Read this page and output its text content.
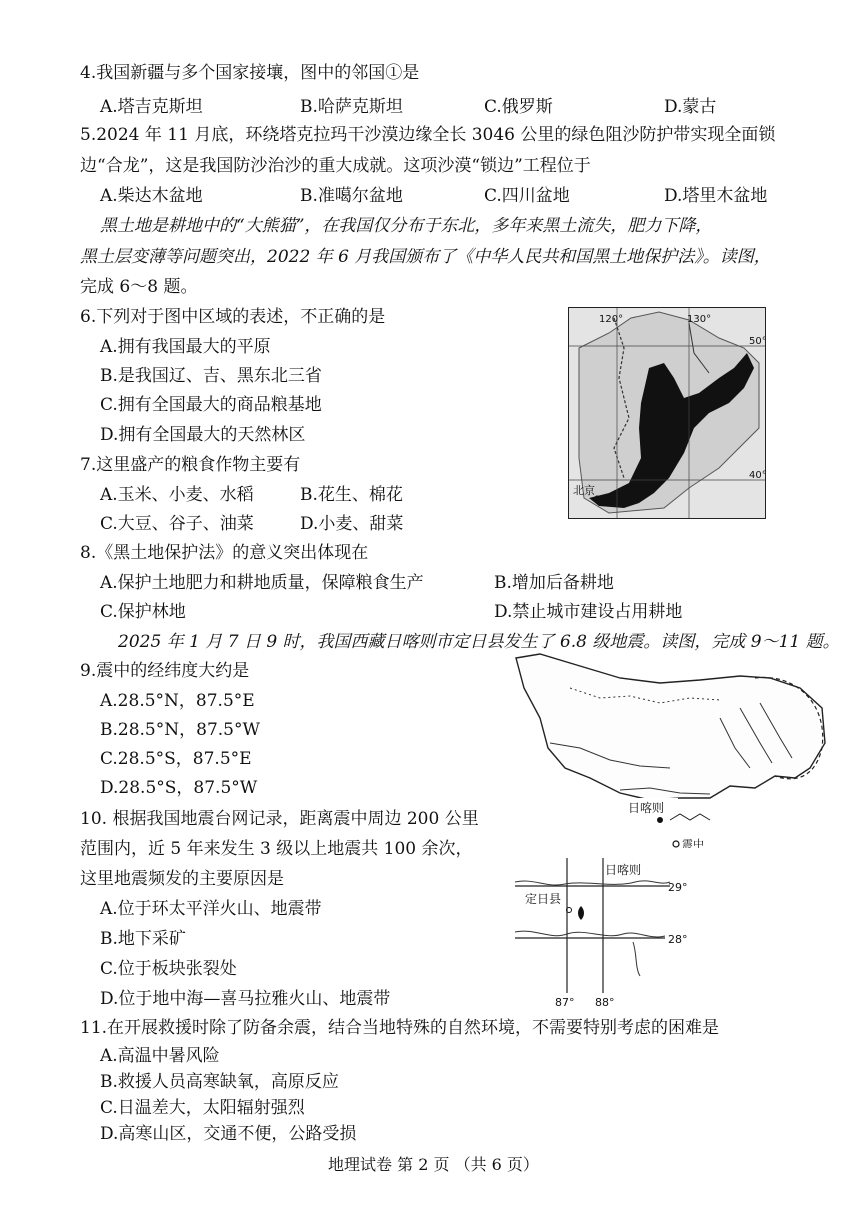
4.我国新疆与多个国家接壤，图中的邻国①是
A.塔吉克斯坦	B.哈萨克斯坦	C.俄罗斯	D.蒙古
5.2024 年 11 月底，环绕塔克拉玛干沙漠边缘全长 3046 公里的绿色阻沙防护带实现全面锁
边“合龙”，这是我国防沙治沙的重大成就。这项沙漠“锁边”工程位于
A.柴达木盆地	B.准噶尔盆地	C.四川盆地	D.塔里木盆地
黑土地是耕地中的“大熊猫”，在我国仅分布于东北，多年来黑土流失，肥力下降，
黑土层变薄等问题突出，2022 年 6 月我国颁布了《中华人民共和国黑土地保护法》。读图，
完成 6～8 题。
6.下列对于图中区域的表述，不正确的是
A.拥有我国最大的平原
B.是我国辽、吉、黑东北三省
C.拥有全国最大的商品粮基地
D.拥有全国最大的天然林区
7.这里盛产的粮食作物主要有
A.玉米、小麦、水稻	B.花生、棉花
C.大豆、谷子、油菜	D.小麦、甜菜
120°	130°
50°
40°
北京
8.《黑土地保护法》的意义突出体现在
A.保护土地肥力和耕地质量，保障粮食生产	B.增加后备耕地
C.保护林地	D.禁止城市建设占用耕地
2025 年 1 月 7 日 9 时，我国西藏日喀则市定日县发生了 6.8 级地震。读图，完成 9～11 题。
9.震中的经纬度大约是
A.28.5°N，87.5°E
B.28.5°N，87.5°W
C.28.5°S，87.5°E
D.28.5°S，87.5°W
日喀则
震中
10. 根据我国地震台网记录，距离震中周边 200 公里
范围内，近 5 年来发生 3 级以上地震共 100 余次，
这里地震频发的主要原因是
A.位于环太平洋火山、地震带
B.地下采矿
C.位于板块张裂处
D.位于地中海—喜马拉雅火山、地震带
定日县
日喀则
29°
28°
87° 88°
11.在开展救援时除了防备余震，结合当地特殊的自然环境，不需要特别考虑的困难是
A.高温中暑风险
B.救援人员高寒缺氧，高原反应
C.日温差大，太阳辐射强烈
D.高寒山区，交通不便，公路受损
地理试卷 第 2 页 （共 6 页）
